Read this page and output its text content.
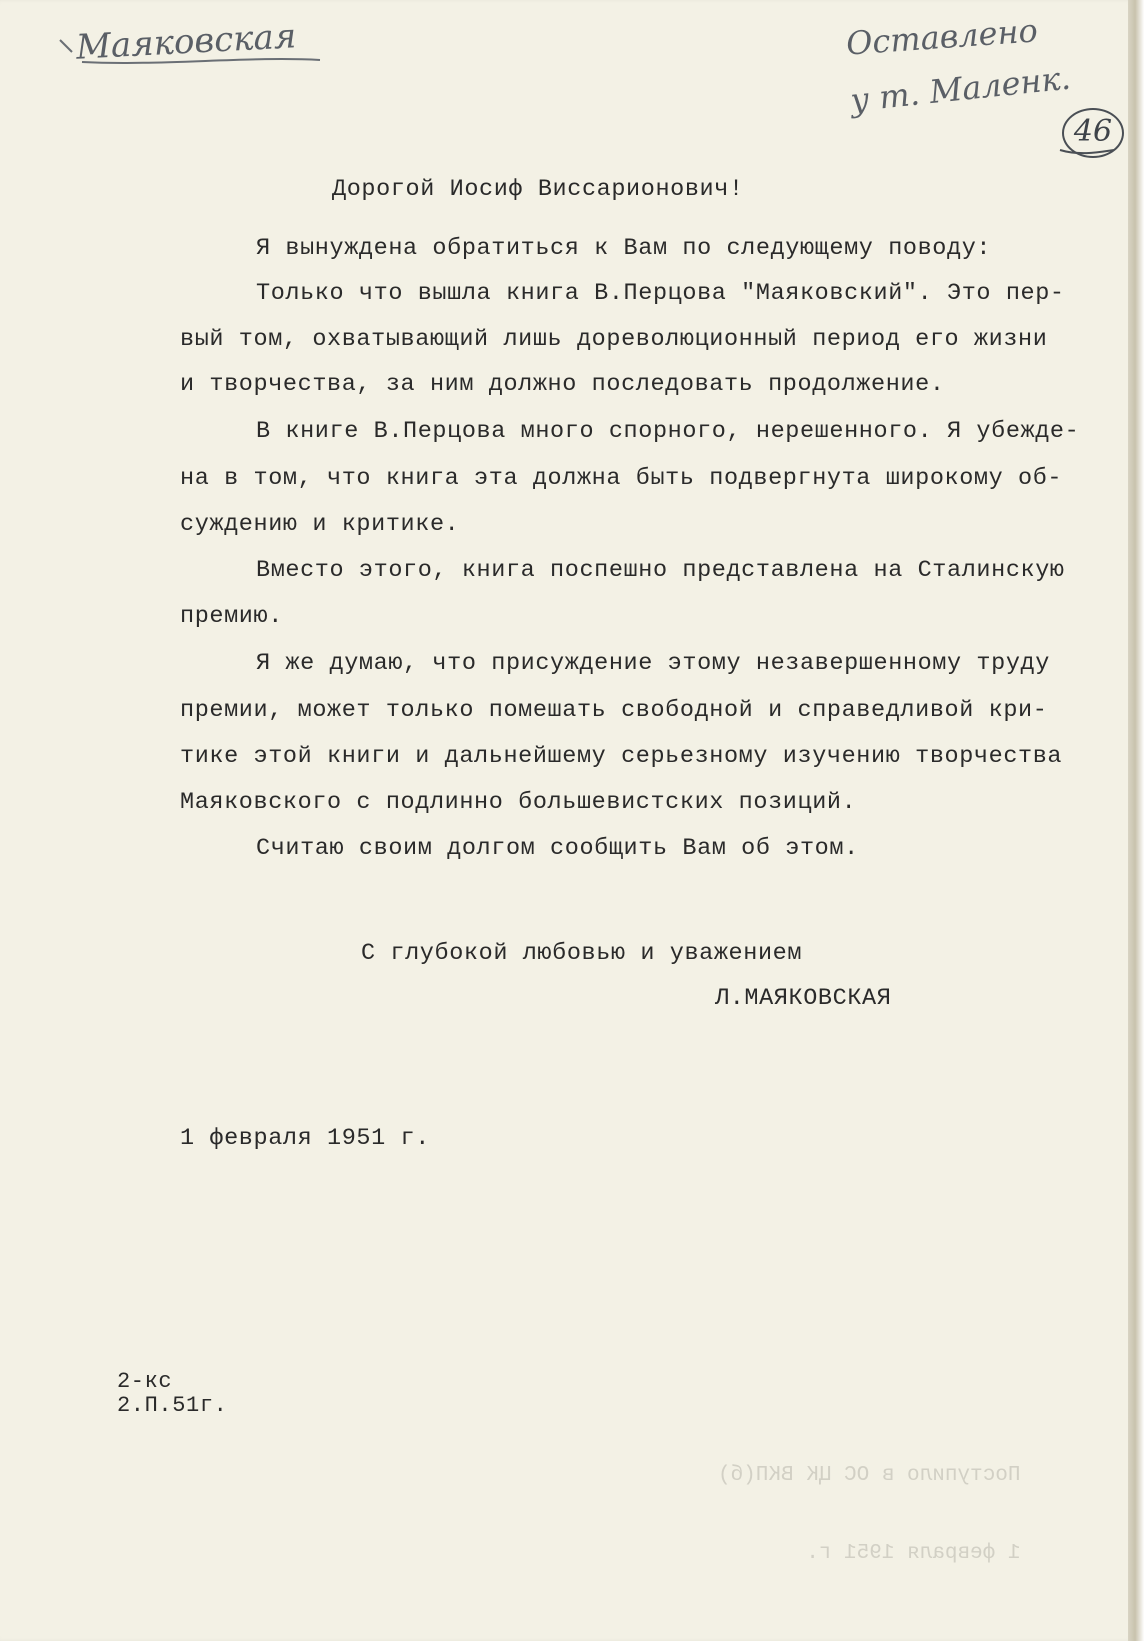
Маяковская	Оставлено
у т. Маленк.
46
Дорогой Иосиф Виссарионович!
Я вынуждена обратиться к Вам по следующему поводу:
Только что вышла книга В.Перцова "Маяковский". Это пер-
вый том, охватывающий лишь дореволюционный период его жизни
и творчества, за ним должно последовать продолжение.
В книге В.Перцова много спорного, нерешенного. Я убежде-
на в том, что книга эта должна быть подвергнута широкому об-
суждению и критике.
Вместо этого, книга поспешно представлена на Сталинскую
премию.
Я же думаю, что присуждение этому незавершенному труду
премии, может только помешать свободной и справедливой кри-
тике этой книги и дальнейшему серьезному изучению творчества
Маяковского с подлинно большевистских позиций.
Считаю своим долгом сообщить Вам об этом.
С глубокой любовью и уважением
Л.МАЯКОВСКАЯ
1 февраля 1951 г.
2-кс
2.П.51г.

Поступило в ОС ЦК ВКП(б)

1 февраля 1951 г.
